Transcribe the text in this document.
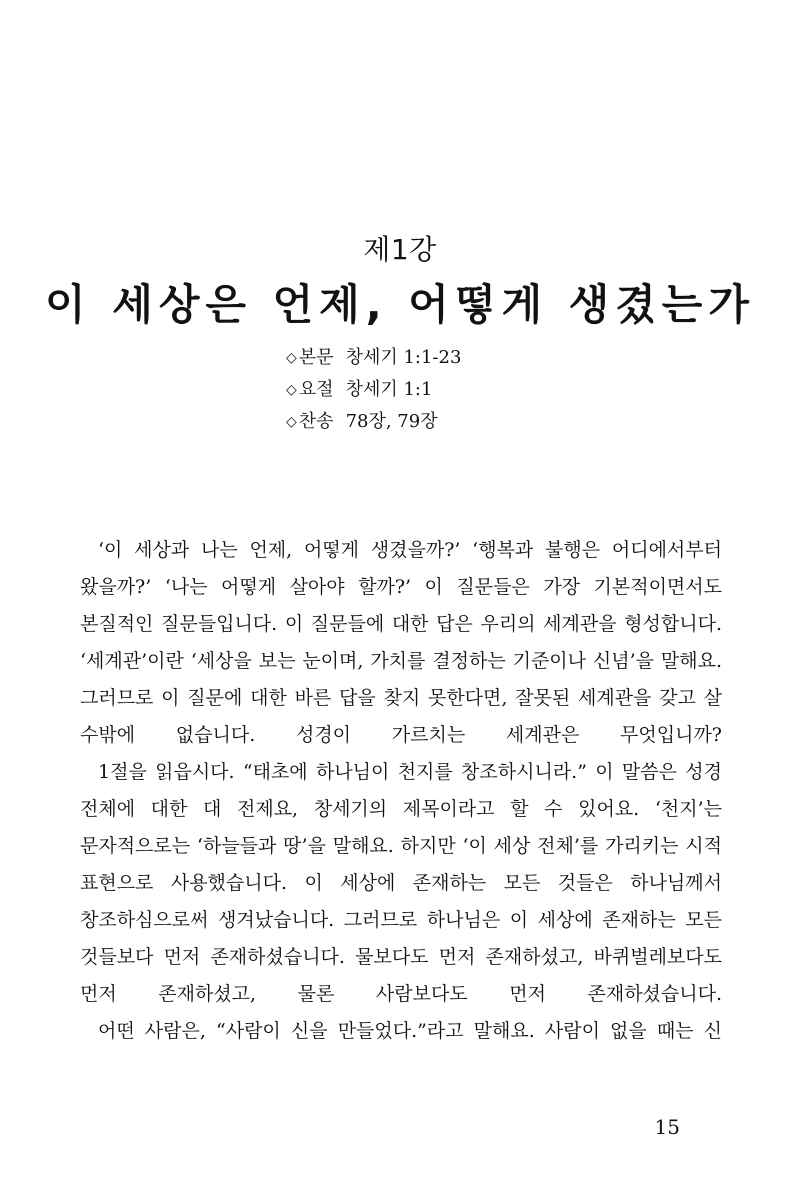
제1강
이 세상은 언제, 어떻게 생겼는가
◇ 본문 창세기 1:1-23
◇ 요절 창세기 1:1
◇ 찬송 78장, 79장

‘이 세상과 나는 언제, 어떻게 생겼을까?’ ‘행복과 불행은 어디에서부터 왔을까?’ ‘나는 어떻게 살아야 할까?’ 이 질문들은 가장 기본적이면서도 본질적인 질문들입니다. 이 질문들에 대한 답은 우리의 세계관을 형성합니다. ‘세계관’이란 ‘세상을 보는 눈이며, 가치를 결정하는 기준이나 신념’을 말해요. 그러므로 이 질문에 대한 바른 답을 찾지 못한다면, 잘못된 세계관을 갖고 살 수밖에 없습니다. 성경이 가르치는 세계관은 무엇입니까?

1절을 읽읍시다. “태초에 하나님이 천지를 창조하시니라.” 이 말씀은 성경 전체에 대한 대 전제요, 창세기의 제목이라고 할 수 있어요. ‘천지’는 문자적으로는 ‘하늘들과 땅’을 말해요. 하지만 ‘이 세상 전체’를 가리키는 시적 표현으로 사용했습니다. 이 세상에 존재하는 모든 것들은 하나님께서 창조하심으로써 생겨났습니다. 그러므로 하나님은 이 세상에 존재하는 모든 것들보다 먼저 존재하셨습니다. 물보다도 먼저 존재하셨고, 바퀴벌레보다도 먼저 존재하셨고, 물론 사람보다도 먼저 존재하셨습니다.

어떤 사람은, “사람이 신을 만들었다.”라고 말해요. 사람이 없을 때는 신

15
